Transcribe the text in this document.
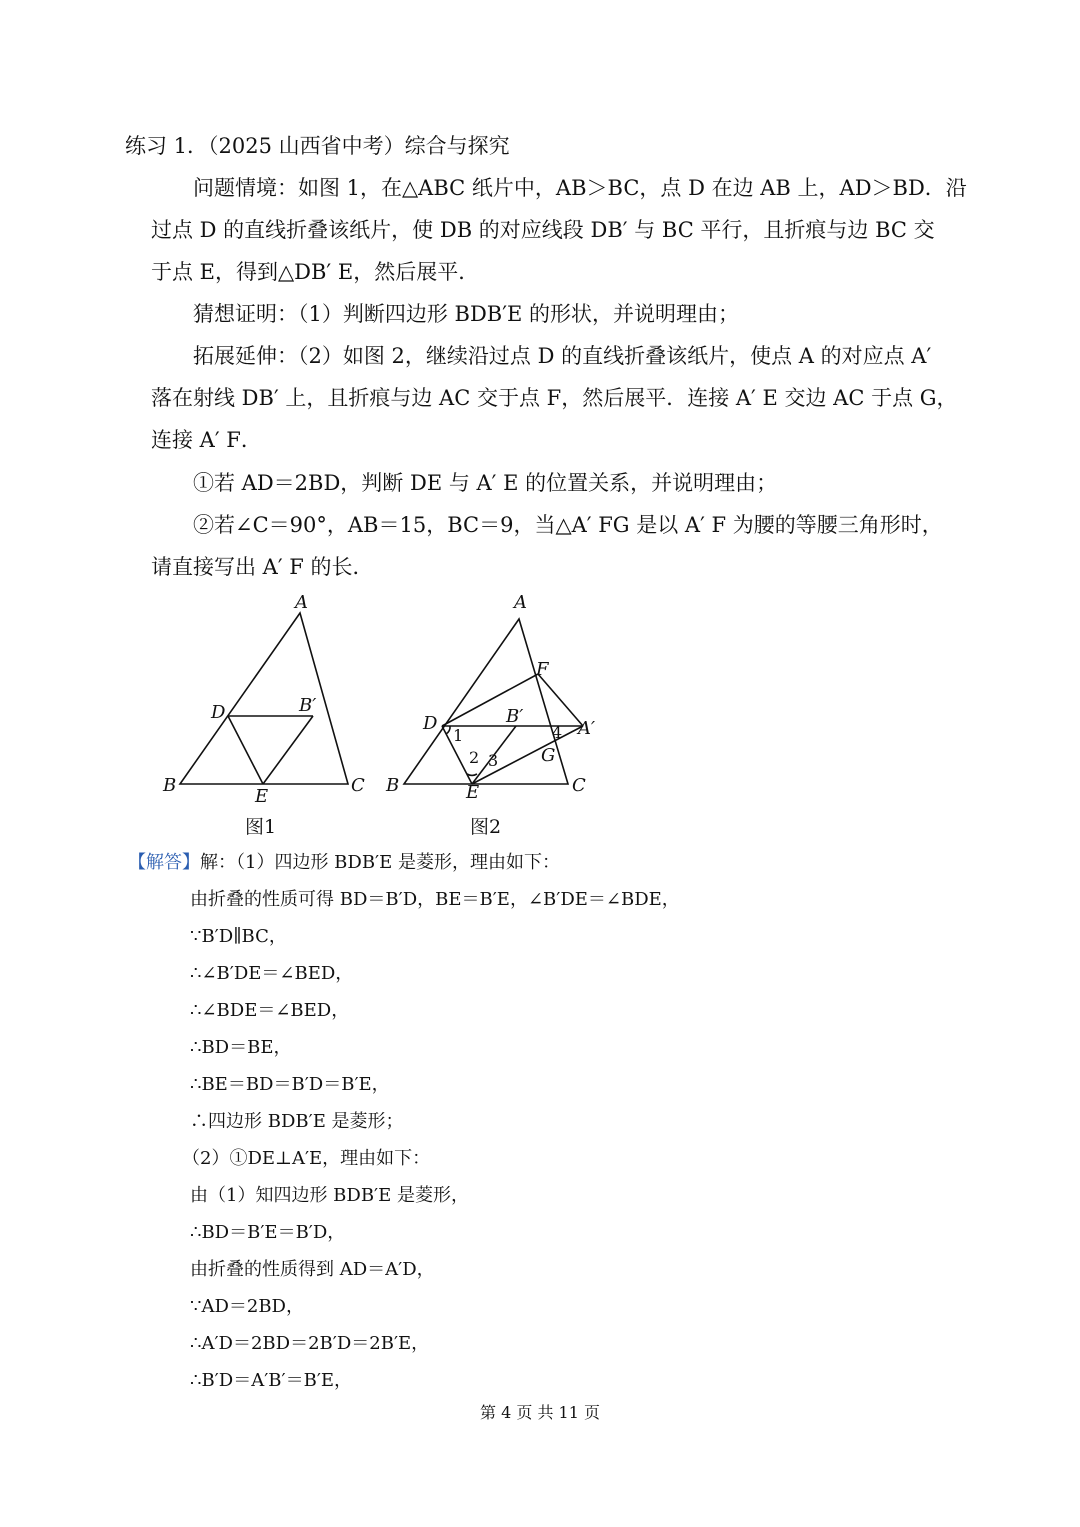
练习 1．（2025 山西省中考）综合与探究
问题情境：如图 1，在△ABC 纸片中，AB＞BC，点 D 在边 AB 上，AD＞BD．沿
过点 D 的直线折叠该纸片，使 DB 的对应线段 DB′ 与 BC 平行，且折痕与边 BC 交
于点 E，得到△DB′ E，然后展平．
猜想证明：（1）判断四边形 BDB′E 的形状，并说明理由；
拓展延伸：（2）如图 2，继续沿过点 D 的直线折叠该纸片，使点 A 的对应点 A′
落在射线 DB′ 上，且折痕与边 AC 交于点 F，然后展平．连接 A′ E 交边 AC 于点 G，
连接 A′ F．
①若 AD＝2BD，判断 DE 与 A′ E 的位置关系，并说明理由；
②若∠C＝90°，AB＝15，BC＝9，当△A′ FG 是以 A′ F 为腰的等腰三角形时，
请直接写出 A′ F 的长．
A
B	C
D
E
B′
图1
A
B	C
D
E
F
G
B′
A′
1
2 3
4
图2
【解答】解：（1）四边形 BDB′E 是菱形，理由如下：
由折叠的性质可得 BD＝B′D，BE＝B′E，∠B′DE＝∠BDE，
∵B′D∥BC，
∴∠B′DE＝∠BED，
∴∠BDE＝∠BED，
∴BD＝BE，
∴BE＝BD＝B′D＝B′E，
∴四边形 BDB′E 是菱形；
（2）①DE⊥A′E，理由如下：
由（1）知四边形 BDB′E 是菱形，
∴BD＝B′E＝B′D，
由折叠的性质得到 AD＝A′D，
∵AD＝2BD，
∴A′D＝2BD＝2B′D＝2B′E，
∴B′D＝A′B′＝B′E，
第 4 页 共 11 页
